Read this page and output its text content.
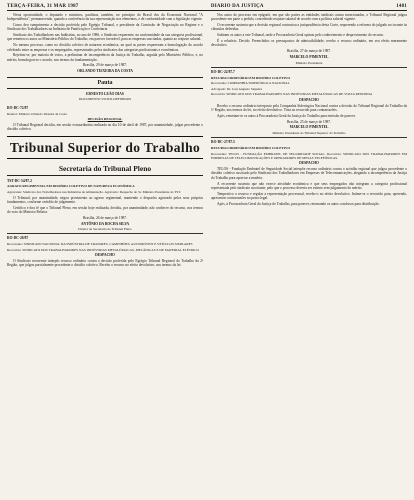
TERÇA-FEIRA, 31 MAR 1987	DIARIO DA JUSTIÇA	1481

Nesta oportunidade, o deputado e ministros, paulistas, também, no princípio do Brasil dos da Economia Nacional "A Independência", permanecendo, quando a conferência da sua representação nos elementos, e de conformidade com a legislação vigente.

Como deu cumprimento a decisão proferida pelo Egrégio Tribunal, o presidente da Comissão de Negociação no Regime e o Sindicato dos Trabalhadores na Indústria de Panificação e Confeitaria.

Sindicato dos Trabalhadores nas Indústrias, no ano de 1986, o Sindicato requerente, na conformidade da sua categoria profissional, que remeteu os autos ao Ministério Público do Trabalho, em parecer favorável, para as empresas suscitadas, quanto ao reajuste salarial.

No mesmo processo, como no dissídio coletivo de natureza econômica, no qual as partes requereram a homologação do acordo celebrado entre as empresas e os empregados, representados pelos sindicatos das categorias profissionais e econômicas.

Rejeitou-se, por maioria de votos, a preliminar de incompetência da Justiça do Trabalho, arguida pelo Ministério Público, e, no mérito, homologou-se o acordo, nos termos da fundamentação.

Brasília, 29 de março de 1987.

ORLANDO TEIXEIRA DA COSTA

Pauta

ERNESTO LEÃO DIAS

DOCUMENTO VOTOS DEFINIDOS

RO-DC-72/87

Relator: Ministro Orlando Teixeira da Costa

DECISÃO REGIONAL

O Tribunal Regional decidiu, em sessão extraordinária realizada no dia 10 de abril de 1987, por unanimidade, julgar procedente o dissídio coletivo.

Tribunal Superior do Trabalho
Secretaria do Tribunal Pleno

TST-DC-54/87.2

AGRAVO REGIMENTAL EM DISSÍDIO COLETIVO DE NATUREZA ECONÔMICA

Agravante: Sindicato dos Trabalhadores nas Indústrias de Alimentação. Agravado: Despacho do Sr. Ministro Presidente do TST.

O Tribunal, por unanimidade, negou provimento ao agravo regimental, mantendo o despacho agravado pelos seus próprios fundamentos, conforme certidão de julgamento.

Certifico e dou fé que o Tribunal Pleno, em sessão hoje realizada, decidiu, por unanimidade, não conhecer do recurso, nos termos do voto do Ministro Relator.

Brasília, 26 de março de 1987.

ANTÔNIO DA ROCHA SILVA

Diretor da Secretaria do Tribunal Pleno

RO-DC-20/87

Recorrente: SINDICATO NACIONAL DA INDÚSTRIA DE TRATORES, CAMINHÕES, AUTOMÓVEIS E VEÍCULOS SIMILARES

Recorrido: SINDICATO DOS TRABALHADORES NAS INDÚSTRIAS METALÚRGICAS, MECÂNICAS E DE MATERIAL ELÉTRICO

DESPACHO

O Sindicato recorrente interpôs recurso ordinário contra a decisão proferida pelo Egrégio Tribunal Regional do Trabalho da 2ª Região, que julgou parcialmente procedente o dissídio coletivo. Recebo o recurso no efeito devolutivo, nos termos da lei.

Nos autos do processo em epígrafe, em que são partes as entidades sindicais acima mencionadas, o Tribunal Regional julgou procedente em parte o pedido, concedendo reajuste salarial de acordo com a política salarial vigente.

O recorrente sustenta que a decisão regional contrariou a jurisprudência desta Corte, requerendo a reforma do julgado no tocante às cláusulas deferidas.

Subiram os autos a este Tribunal, onde a Procuradoria Geral opinou pelo conhecimento e desprovimento do recurso.

É o relatório. Decido. Preenchidos os pressupostos de admissibilidade, recebo o recurso ordinário, em seu efeito meramente devolutivo.

Brasília, 27 de março de 1987.

MARCELO PIMENTEL

Ministro Presidente

RO-DC-22/87.7

RECURSO ORDINÁRIO EM DISSÍDIO COLETIVO

Recorrente: COMPANHIA SIDERÚRGICA NACIONAL

Advogado: Dr. José Augusto Siqueira

Recorrido: SINDICATO DOS TRABALHADORES NAS INDÚSTRIAS METALÚRGICAS DE VOLTA REDONDA

DESPACHO

Recebo o recurso ordinário interposto pela Companhia Siderúrgica Nacional contra a decisão do Tribunal Regional do Trabalho da 1ª Região, nos termos da lei, no efeito devolutivo. Vista ao recorrido para contrarrazões.

Após, remetam-se os autos à Procuradoria Geral da Justiça do Trabalho para emissão de parecer.

Brasília, 25 de março de 1987.

MARCELO PIMENTEL

Ministro Presidente do Tribunal Superior do Trabalho

RO-DC-27/87.5

RECURSO ORDINÁRIO EM DISSÍDIO COLETIVO

Recorrente: TELOS - FUNDAÇÃO EMBRATEL DE SEGURIDADE SOCIAL. Recorrido: SINDICATO DOS TRABALHADORES EM EMPRESAS DE TELECOMUNICAÇÕES E OPERADORES DE MESAS TELEFÔNICAS.

DESPACHO

TELOS - Fundação Embratel de Seguridade Social interpõe recurso ordinário contra o acórdão regional que julgou procedente o dissídio coletivo suscitado pelo Sindicato dos Trabalhadores em Empresas de Telecomunicações, alegando a incompetência da Justiça do Trabalho para apreciar a matéria.

A recorrente sustenta que não exerce atividade econômica e que seus empregados não integram a categoria profissional representada pelo sindicato suscitante, pelo que o processo deveria ser extinto sem julgamento do mérito.

Tempestivo o recurso e regular a representação processual, recebo-o no efeito devolutivo. Intime-se o recorrido para, querendo, apresentar contrarrazões no prazo legal.

Após, à Procuradoria Geral da Justiça do Trabalho, para parecer, retornando os autos conclusos para distribuição.
